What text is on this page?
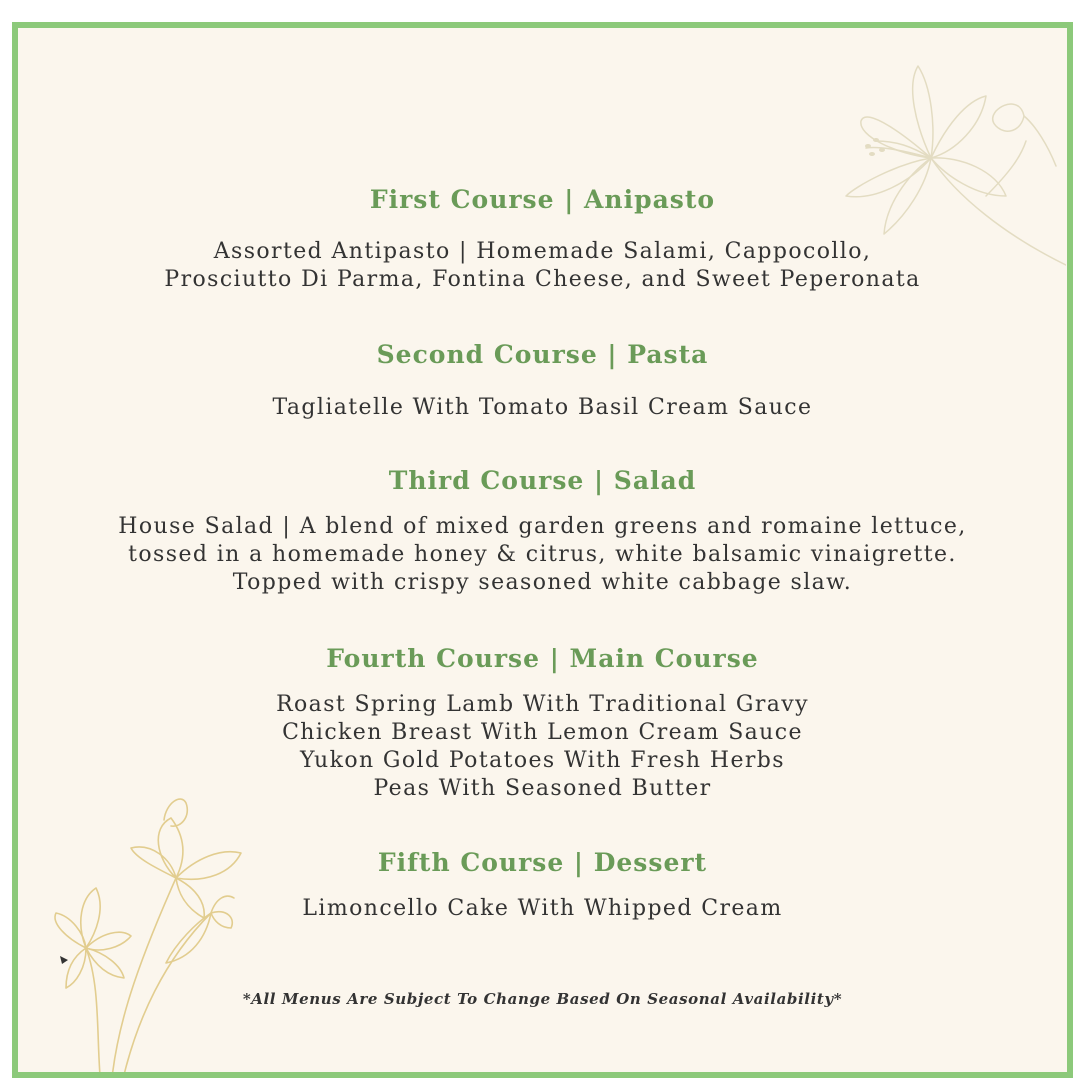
First Course | Anipasto
Assorted Antipasto | Homemade Salami, Cappocollo,
Prosciutto Di Parma, Fontina Cheese, and Sweet Peperonata
Second Course | Pasta
Tagliatelle With Tomato Basil Cream Sauce
Third Course | Salad
House Salad | A blend of mixed garden greens and romaine lettuce,
tossed in a homemade honey & citrus, white balsamic vinaigrette.
Topped with crispy seasoned white cabbage slaw.
Fourth Course | Main Course
Roast Spring Lamb With Traditional Gravy
Chicken Breast With Lemon Cream Sauce
Yukon Gold Potatoes With Fresh Herbs
Peas With Seasoned Butter
Fifth Course | Dessert
Limoncello Cake With Whipped Cream
*All Menus Are Subject To Change Based On Seasonal Availability*
